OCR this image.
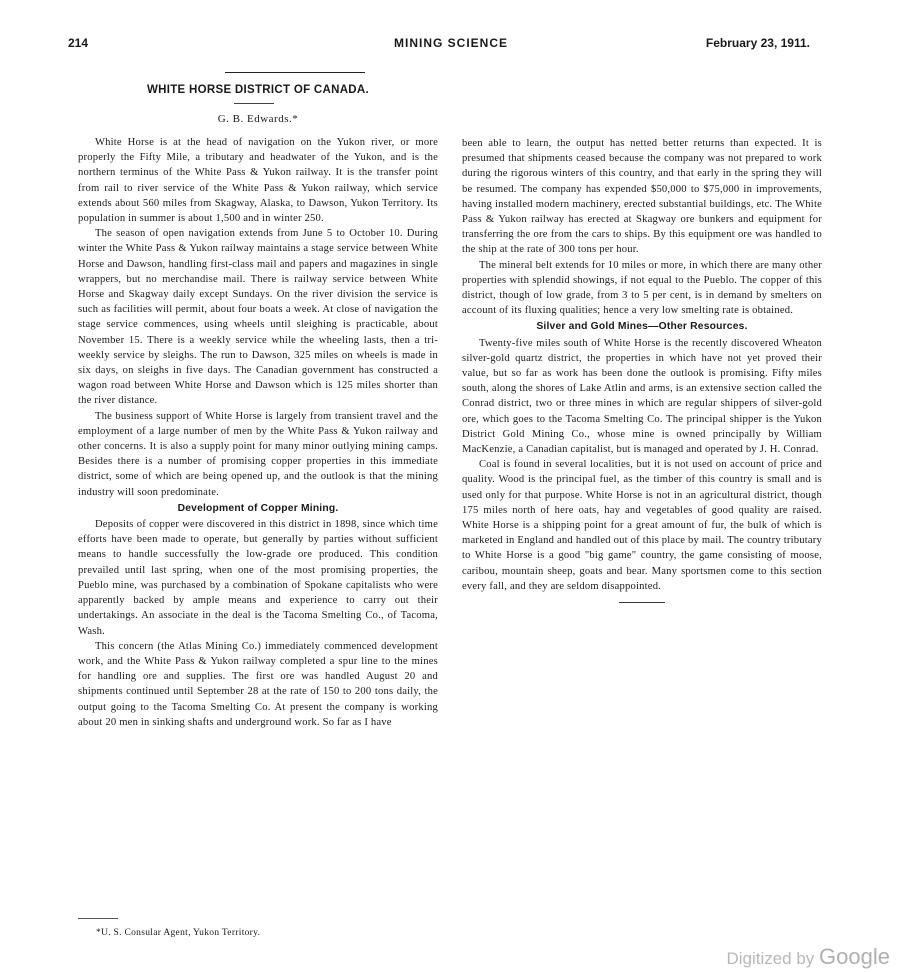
214	MINING SCIENCE	February 23, 1911.
WHITE HORSE DISTRICT OF CANADA.
G. B. Edwards.*

White Horse is at the head of navigation on the Yukon river, or more properly the Fifty Mile, a tributary and headwater of the Yukon, and is the northern terminus of the White Pass & Yukon railway. It is the transfer point from rail to river service of the White Pass & Yukon railway, which service extends about 560 miles from Skagway, Alaska, to Dawson, Yukon Territory. Its population in summer is about 1,500 and in winter 250.

The season of open navigation extends from June 5 to October 10. During winter the White Pass & Yukon railway maintains a stage service between White Horse and Dawson, handling first-class mail and papers and magazines in single wrappers, but no merchandise mail. There is railway service between White Horse and Skagway daily except Sundays. On the river division the service is such as facilities will permit, about four boats a week. At close of navigation the stage service commences, using wheels until sleighing is practicable, about November 15. There is a weekly service while the wheeling lasts, then a tri-weekly service by sleighs. The run to Dawson, 325 miles on wheels is made in six days, on sleighs in five days. The Canadian government has constructed a wagon road between White Horse and Dawson which is 125 miles shorter than the river distance.

The business support of White Horse is largely from transient travel and the employment of a large number of men by the White Pass & Yukon railway and other concerns. It is also a supply point for many minor outlying mining camps. Besides there is a number of promising copper properties in this immediate district, some of which are being opened up, and the outlook is that the mining industry will soon predominate.

Development of Copper Mining.

Deposits of copper were discovered in this district in 1898, since which time efforts have been made to operate, but generally by parties without sufficient means to handle successfully the low-grade ore produced. This condition prevailed until last spring, when one of the most promising properties, the Pueblo mine, was purchased by a combination of Spokane capitalists who were apparently backed by ample means and experience to carry out their undertakings. An associate in the deal is the Tacoma Smelting Co., of Tacoma, Wash.

This concern (the Atlas Mining Co.) immediately commenced development work, and the White Pass & Yukon railway completed a spur line to the mines for handling ore and supplies. The first ore was handled August 20 and shipments continued until September 28 at the rate of 150 to 200 tons daily, the output going to the Tacoma Smelting Co. At present the company is working about 20 men in sinking shafts and underground work. So far as I have

been able to learn, the output has netted better returns than expected. It is presumed that shipments ceased because the company was not prepared to work during the rigorous winters of this country, and that early in the spring they will be resumed. The company has expended $50,000 to $75,000 in improvements, having installed modern machinery, erected substantial buildings, etc. The White Pass & Yukon railway has erected at Skagway ore bunkers and equipment for transferring the ore from the cars to ships. By this equipment ore was handled to the ship at the rate of 300 tons per hour.

The mineral belt extends for 10 miles or more, in which there are many other properties with splendid showings, if not equal to the Pueblo. The copper of this district, though of low grade, from 3 to 5 per cent, is in demand by smelters on account of its fluxing qualities; hence a very low smelting rate is obtained.

Silver and Gold Mines—Other Resources.

Twenty-five miles south of White Horse is the recently discovered Wheaton silver-gold quartz district, the properties in which have not yet proved their value, but so far as work has been done the outlook is promising. Fifty miles south, along the shores of Lake Atlin and arms, is an extensive section called the Conrad district, two or three mines in which are regular shippers of silver-gold ore, which goes to the Tacoma Smelting Co. The principal shipper is the Yukon District Gold Mining Co., whose mine is owned principally by William MacKenzie, a Canadian capitalist, but is managed and operated by J. H. Conrad.

Coal is found in several localities, but it is not used on account of price and quality. Wood is the principal fuel, as the timber of this country is small and is used only for that purpose. White Horse is not in an agricultural district, though 175 miles north of here oats, hay and vegetables of good quality are raised. White Horse is a shipping point for a great amount of fur, the bulk of which is marketed in England and handled out of this place by mail. The country tributary to White Horse is a good "big game" country, the game consisting of moose, caribou, mountain sheep, goats and bear. Many sportsmen come to this section every fall, and they are seldom disappointed.

*U. S. Consular Agent, Yukon Territory.
Digitized by Google
